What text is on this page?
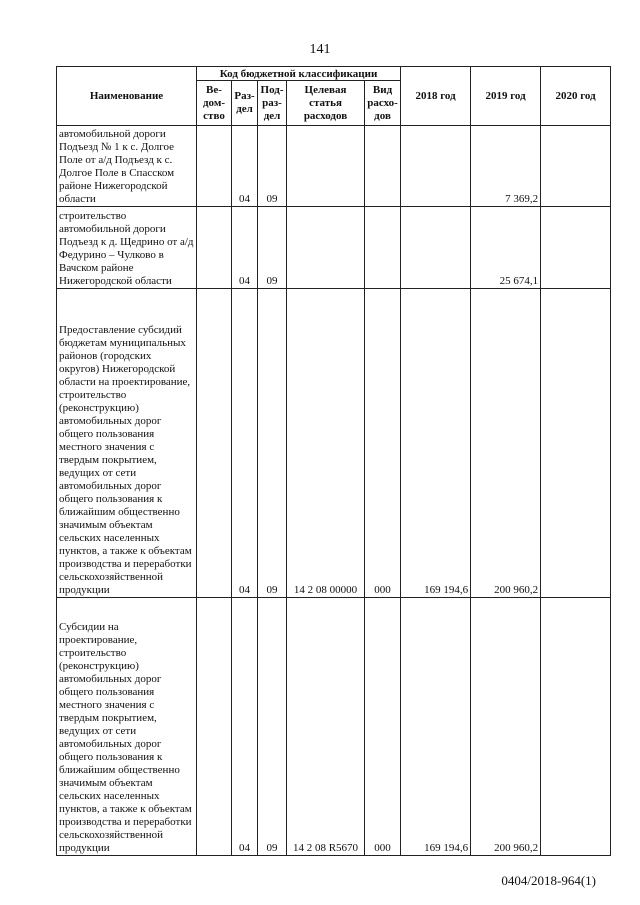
141
Наименование	Код бюджетной классификации					2018 год	2019 год	2020 год
	Ве- дом- ство	Раз- дел	Под- раз- дел	Целевая статья расходов	Вид расхо- дов			
автомобильной дороги Подъезд № 1 к с. Долгое Поле от а/д Подъезд к с. Долгое Поле в Спасском районе Нижегородской области		04	09				7 369,2	
строительство автомобильной дороги Подъезд к д. Щедрино от а/д Федурино – Чулково в Вачском районе Нижегородской области		04	09				25 674,1	
Предоставление субсидий бюджетам муниципальных районов (городских округов) Нижегородской области на проектирование, строительство (реконструкцию) автомобильных дорог общего пользования местного значения с твердым покрытием, ведущих от сети автомобильных дорог общего пользования к ближайшим общественно значимым объектам сельских населенных пунктов, а также к объектам производства и переработки сельскохозяйственной продукции		04	09	14 2 08 00000	000	169 194,6	200 960,2	
Субсидии на проектирование, строительство (реконструкцию) автомобильных дорог общего пользования местного значения с твердым покрытием, ведущих от сети автомобильных дорог общего пользования к ближайшим общественно значимым объектам сельских населенных пунктов, а также к объектам производства и переработки сельскохозяйственной продукции		04	09	14 2 08 R5670	000	169 194,6	200 960,2	
0404/2018-964(1)
